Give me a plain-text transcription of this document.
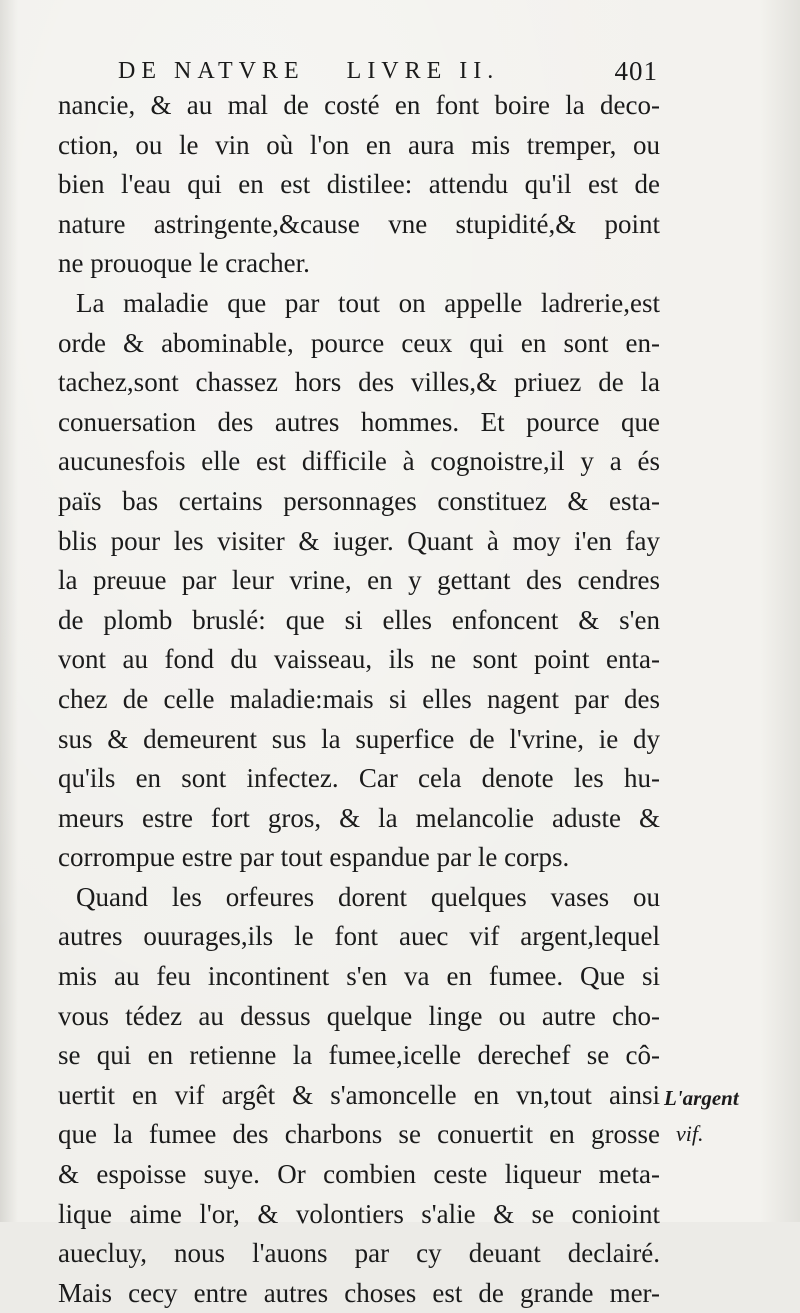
DE NATVRE LIVRE II.	401
nancie, & au mal de costé en font boire la deco-
ction, ou le vin où l'on en aura mis tremper, ou
bien l'eau qui en est distilee: attendu qu'il est de
nature astringente,&cause vne stupidité,& point
ne prouoque le cracher.
La maladie que par tout on appelle ladrerie,est
orde & abominable, pource ceux qui en sont en-
tachez,sont chassez hors des villes,& priuez de la
conuersation des autres hommes. Et pource que
aucunesfois elle est difficile à cognoistre,il y a és
païs bas certains personnages constituez & esta-
blis pour les visiter & iuger. Quant à moy i'en fay
la preuue par leur vrine, en y gettant des cendres
de plomb bruslé: que si elles enfoncent & s'en
vont au fond du vaisseau, ils ne sont point enta-
chez de celle maladie:mais si elles nagent par des
sus & demeurent sus la superfice de l'vrine, ie dy
qu'ils en sont infectez. Car cela denote les hu-
meurs estre fort gros, & la melancolie aduste &
corrompue estre par tout espandue par le corps.
Quand les orfeures dorent quelques vases ou
autres ouurages,ils le font auec vif argent,lequel
mis au feu incontinent s'en va en fumee. Que si
vous tédez au dessus quelque linge ou autre cho-
se qui en retienne la fumee,icelle derechef se cô-
uertit en vif argêt & s'amoncelle en vn,tout ainsi
que la fumee des charbons se conuertit en grosse
& espoisse suye. Or combien ceste liqueur meta-
lique aime l'or, & volontiers s'alie & se conioint
auecluy, nous l'auons par cy deuant declairé.
Mais cecy entre autres choses est de grande mer-
L'argent
vif.
